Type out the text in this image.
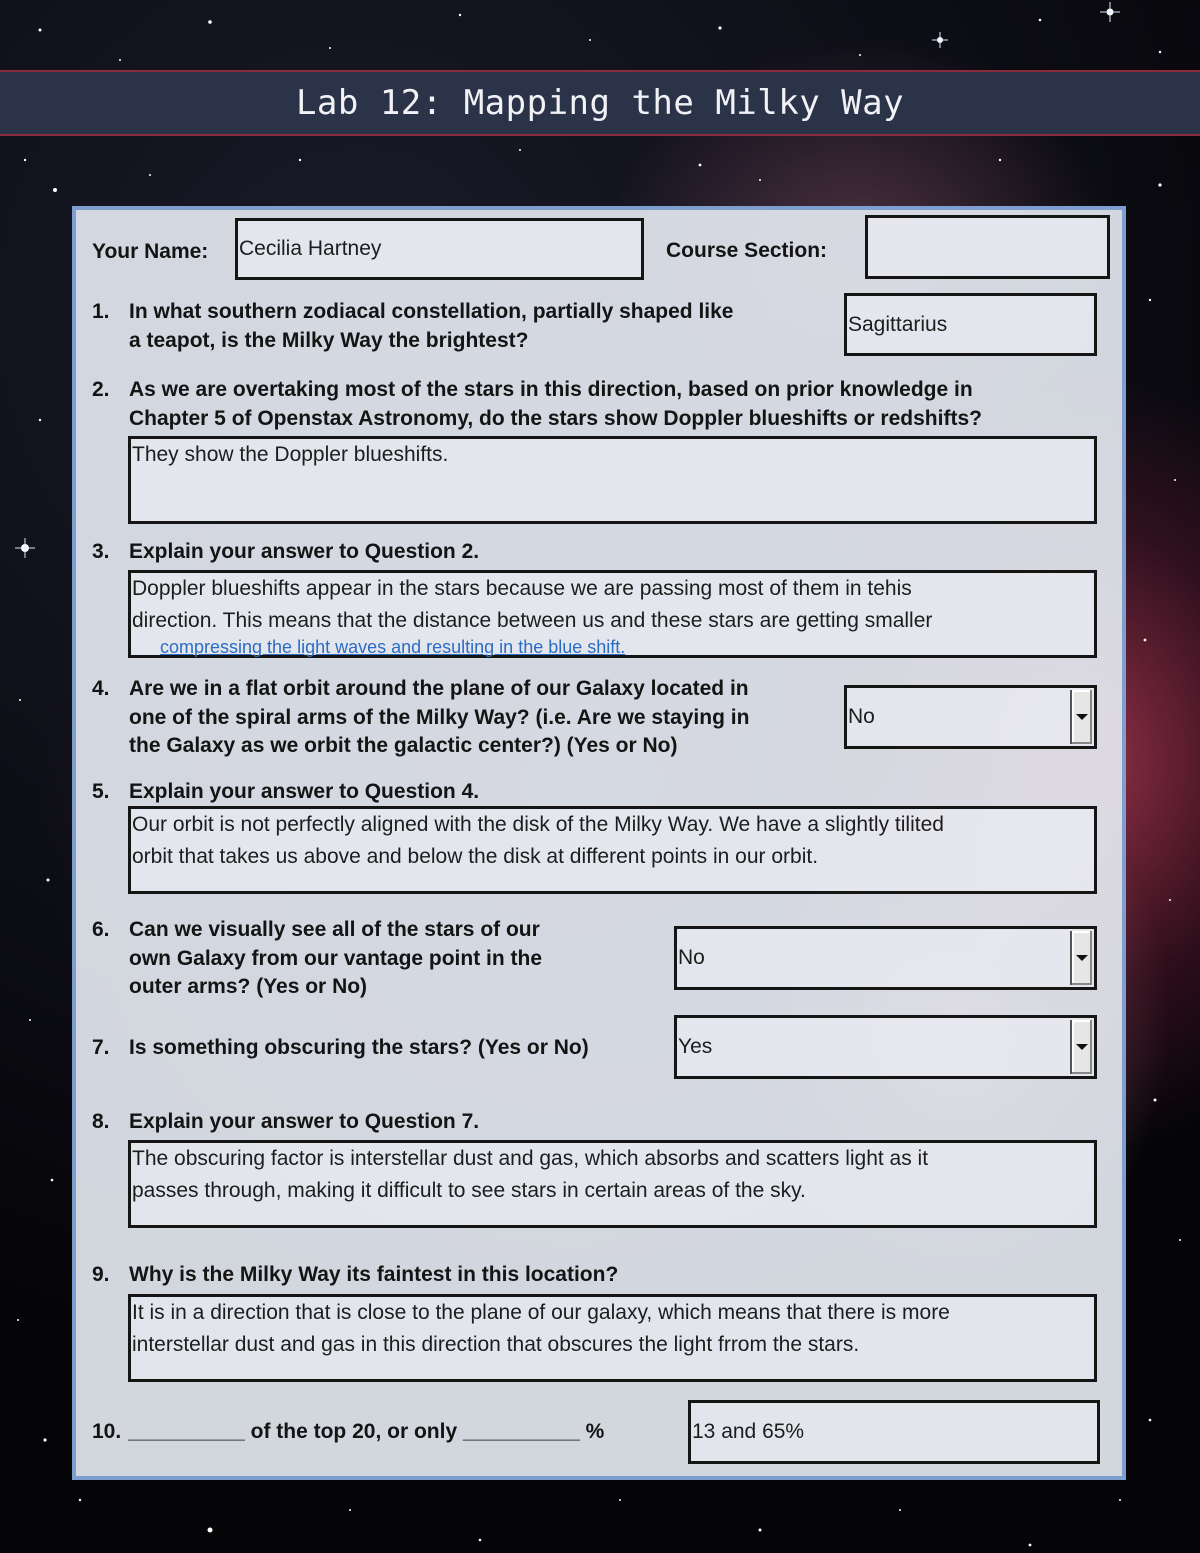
Lab 12: Mapping the Milky Way
Your Name: Cecilia Hartney	Course Section:
1. In what southern zodiacal constellation, partially shaped like
a teapot, is the Milky Way the brightest?
Sagittarius
2. As we are overtaking most of the stars in this direction, based on prior knowledge in
Chapter 5 of Openstax Astronomy, do the stars show Doppler blueshifts or redshifts?
They show the Doppler blueshifts.
3. Explain your answer to Question 2.
Doppler blueshifts appear in the stars because we are passing most of them in tehis
direction. This means that the distance between us and these stars are getting smaller
compressing the light waves and resulting in the blue shift.
4. Are we in a flat orbit around the plane of our Galaxy located in
one of the spiral arms of the Milky Way? (i.e. Are we staying in
the Galaxy as we orbit the galactic center?) (Yes or No)
No
5. Explain your answer to Question 4.
Our orbit is not perfectly aligned with the disk of the Milky Way. We have a slightly tilited
orbit that takes us above and below the disk at different points in our orbit.
6. Can we visually see all of the stars of our
own Galaxy from our vantage point in the
outer arms? (Yes or No)
No
7. Is something obscuring the stars? (Yes or No)	Yes
8. Explain your answer to Question 7.
The obscuring factor is interstellar dust and gas, which absorbs and scatters light as it
passes through, making it difficult to see stars in certain areas of the sky.
9. Why is the Milky Way its faintest in this location?
It is in a direction that is close to the plane of our galaxy, which means that there is more
interstellar dust and gas in this direction that obscures the light frrom the stars.
10. __________ of the top 20, or only __________ %	13 and 65%
